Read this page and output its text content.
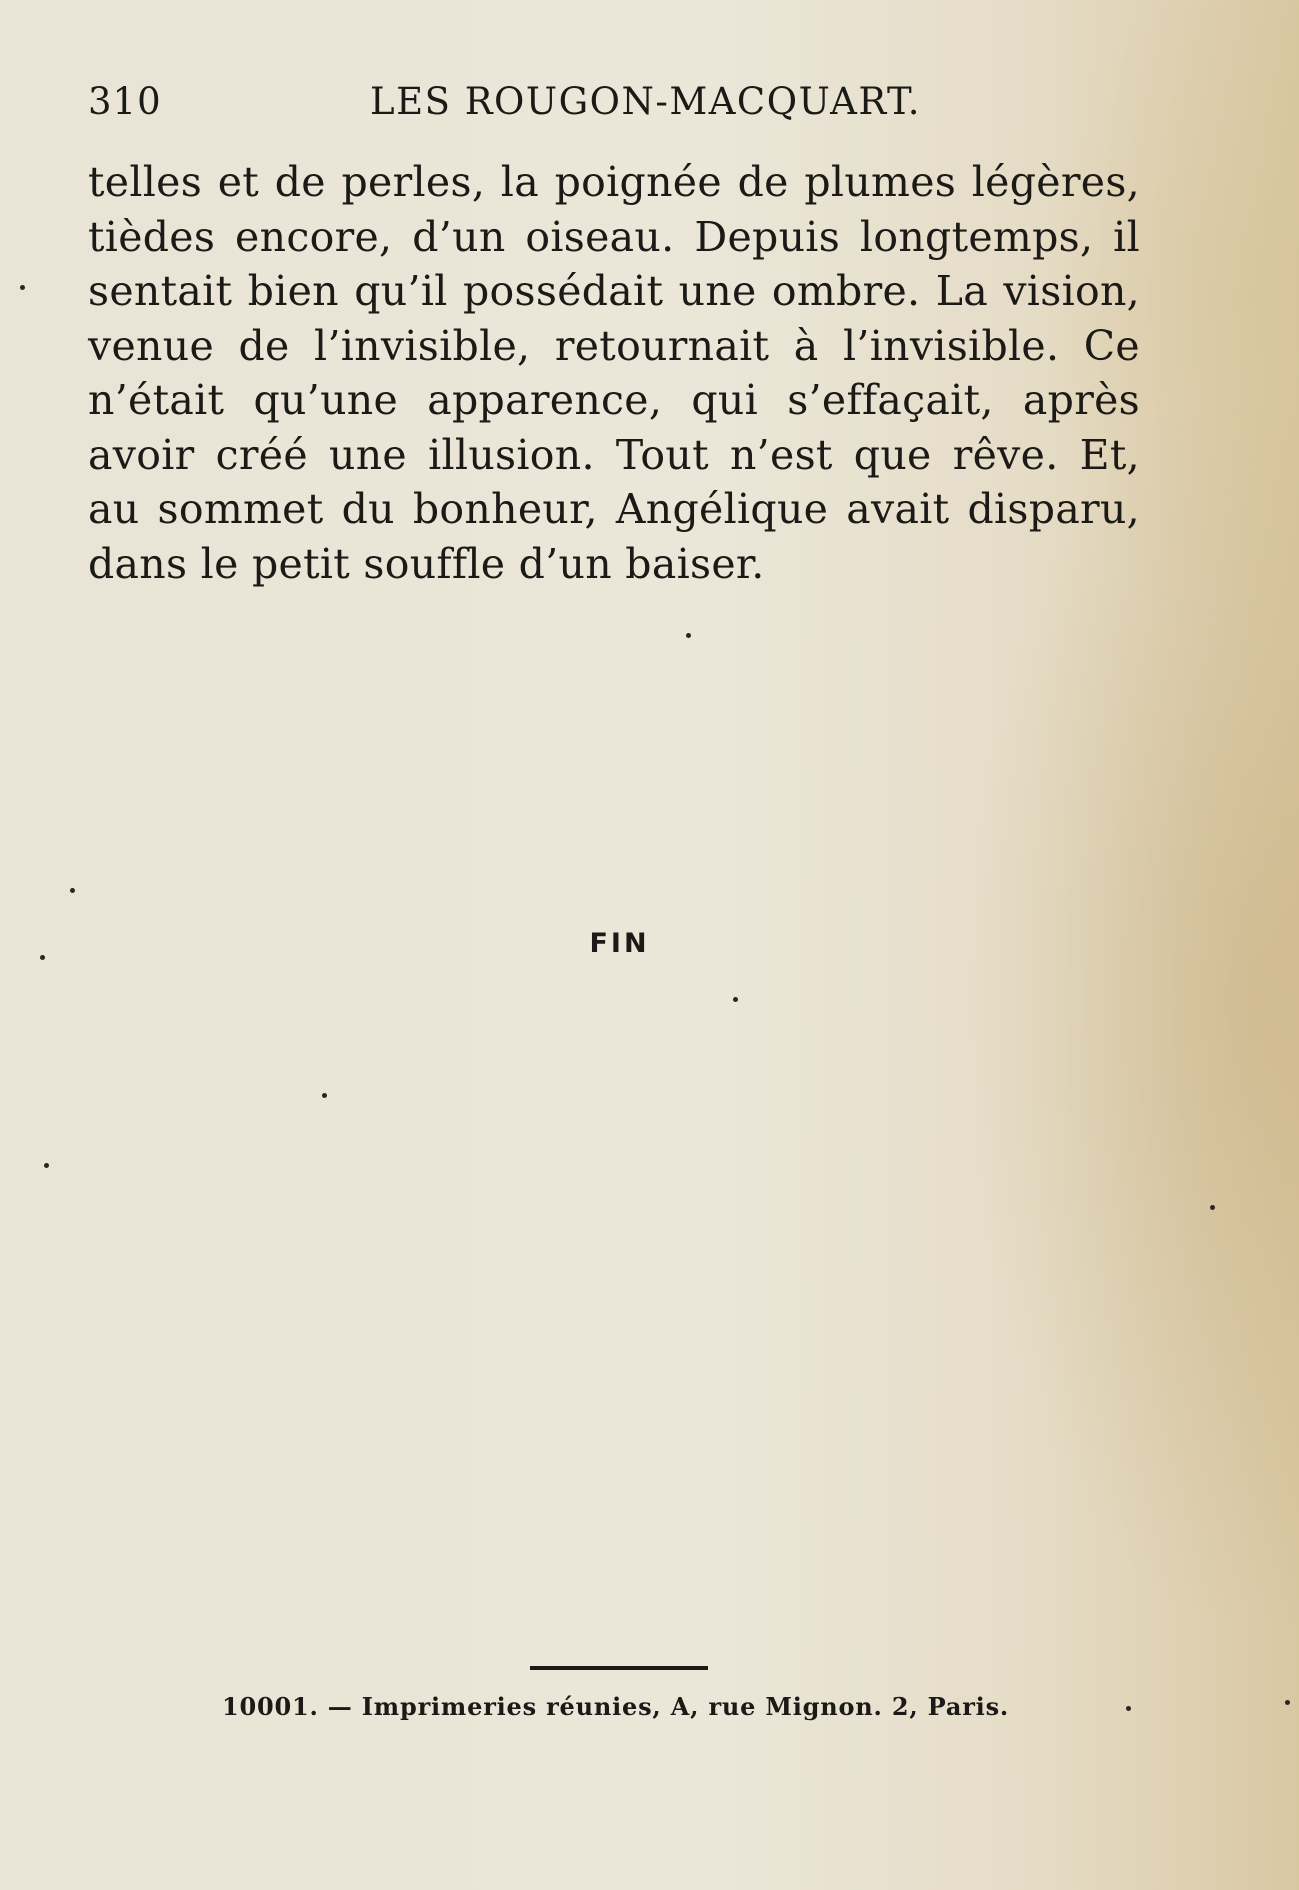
310	LES ROUGON-MACQUART.
telles et de perles, la poignée de plumes légères,
tièdes encore, d’un oiseau. Depuis longtemps, il
sentait bien qu’il possédait une ombre. La vision,
venue de l’invisible, retournait à l’invisible. Ce
n’était qu’une apparence, qui s’effaçait, après
avoir créé une illusion. Tout n’est que rêve. Et,
au sommet du bonheur, Angélique avait disparu,
dans le petit souffle d’un baiser.
FIN
10001. — Imprimeries réunies, A, rue Mignon. 2, Paris.
